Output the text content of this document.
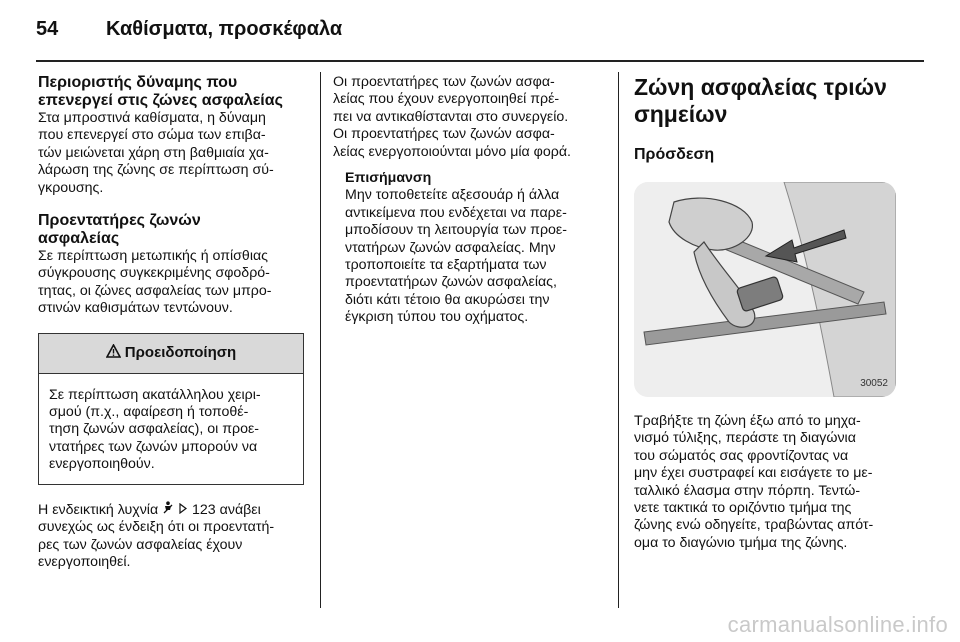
54 Καθίσματα, προσκέφαλα
Περιοριστής δύναμης που
επενεργεί στις ζώνες ασφαλείας
Στα μπροστινά καθίσματα, η δύναμη
που επενεργεί στο σώμα των επιβα-
τών μειώνεται χάρη στη βαθμιαία χα-
λάρωση της ζώνης σε περίπτωση σύ-
γκρουσης.
Προεντατήρες ζωνών
ασφαλείας
Σε περίπτωση μετωπικής ή οπίσθιας
σύγκρουσης συγκεκριμένης σφοδρό-
τητας, οι ζώνες ασφαλείας των μπρο-
στινών καθισμάτων τεντώνουν.
Προειδοποίηση
Σε περίπτωση ακατάλληλου χειρι-
σμού (π.χ., αφαίρεση ή τοποθέ-
τηση ζωνών ασφαλείας), οι προε-
ντατήρες των ζωνών μπορούν να
ενεργοποιηθούν.
Η ενδεικτική λυχνία 123 ανάβει
συνεχώς ως ένδειξη ότι οι προεντατή-
ρες των ζωνών ασφαλείας έχουν
ενεργοποιηθεί.
Οι προεντατήρες των ζωνών ασφα-
λείας που έχουν ενεργοποιηθεί πρέ-
πει να αντικαθίστανται στο συνεργείο.
Οι προεντατήρες των ζωνών ασφα-
λείας ενεργοποιούνται μόνο μία φορά.
Επισήμανση
Μην τοποθετείτε αξεσουάρ ή άλλα
αντικείμενα που ενδέχεται να παρε-
μποδίσουν τη λειτουργία των προε-
ντατήρων ζωνών ασφαλείας. Μην
τροποποιείτε τα εξαρτήματα των
προεντατήρων ζωνών ασφαλείας,
διότι κάτι τέτοιο θα ακυρώσει την
έγκριση τύπου του οχήματος.
Ζώνη ασφαλείας τριών
σημείων
Πρόσδεση
30052
Τραβήξτε τη ζώνη έξω από το μηχα-
νισμό τύλιξης, περάστε τη διαγώνια
του σώματός σας φροντίζοντας να
μην έχει συστραφεί και εισάγετε το με-
ταλλικό έλασμα στην πόρπη. Τεντώ-
νετε τακτικά το οριζόντιο τμήμα της
ζώνης ενώ οδηγείτε, τραβώντας απότ-
ομα το διαγώνιο τμήμα της ζώνης.
carmanualsonline.info
